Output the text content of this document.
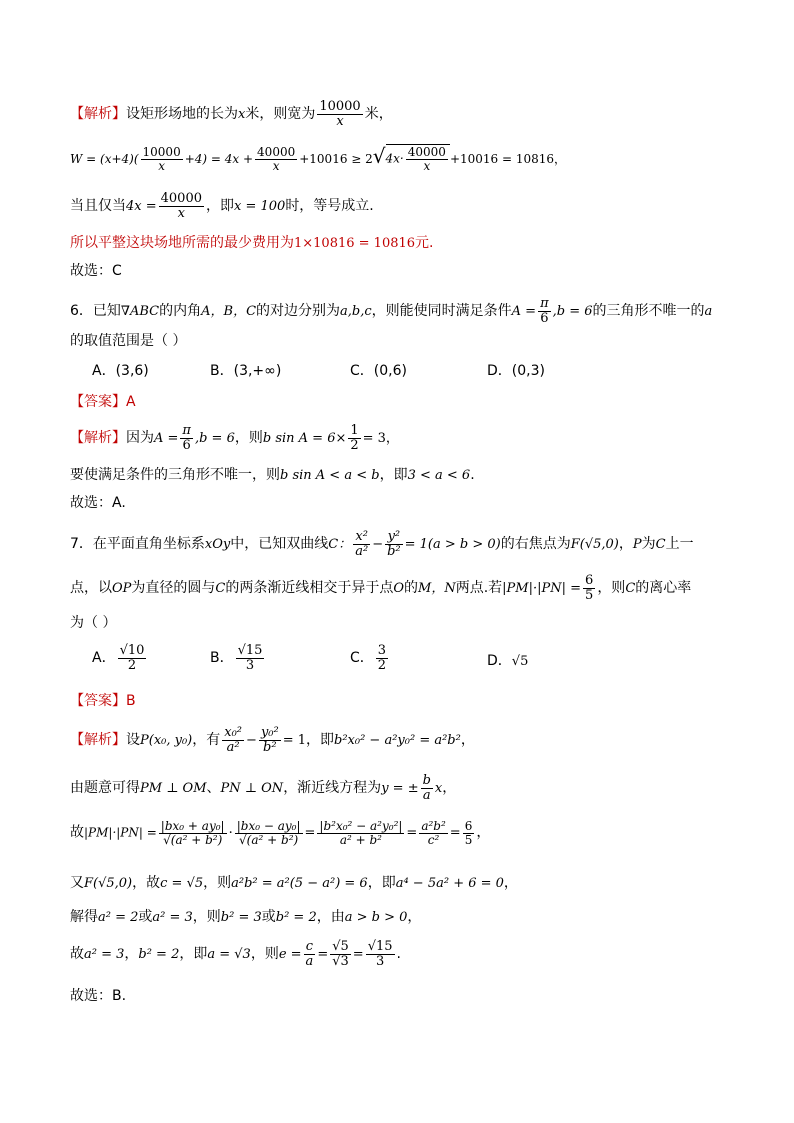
【解析】设矩形场地的长为x米，则宽为 $\frac{10000}{x}$ 米，
$W = (x+4)( \frac{10000}{x} +4) = 4x + \frac{40000}{x} +10016 \ge 2√4x\cdot \frac{40000}{x} +10016 = 10816$，
当且仅当$4x = \frac{40000}{x}$ ，即x = 100时，等号成立.
所以平整这块场地所需的最少费用为1×10816 = 10816元.
故选：C
6．已知∇ABC的内角A，B，C的对边分别为a,b,c，则能使同时满足条件$A = \frac{\pi}{6} ,b = 6$的三角形不唯一的a
的取值范围是（ ）
A．(3,6)	B．(3,+∞)	C．(0,6)	D．(0,3)
【答案】A
【解析】因为$A = \frac{\pi}{6} ,b = 6$，则b $\sin A = 6\times \frac{1}{2} = 3$，
要使满足条件的三角形不唯一，则b sin A < a < b，即3 < a < 6.
故选：A.
7．在平面直角坐标系xOy中，已知双曲线C： $\frac{\text{x²}}{\text{a²}} - \frac{\text{y²}}{\text{b²}} = 1(a > b > 0)$的右焦点为F(√5,0)，P为C上一
点，以OP为直径的圆与C的两条渐近线相交于异于点O的M，N两点.若$|PM|\cdot|PN| = \frac{6}{5}$ ，则C的离心率
为（ ）
A． $\frac{√10}{2}$	B． $\frac{√15}{3}$	C． $\frac{3}{2}$	D．√5
【答案】B
【解析】设P(x₀, y₀)，有 $\frac{\text{x₀²}}{\text{a²}} - \frac{\text{y₀²}}{\text{b²}} = 1$，即b²x₀² − a²y₀² = a²b²，
由题意可得PM ⊥ OM、PN ⊥ ON，渐近线方程为y = ± $\frac{b}{a}$ x，
故$|PM|\cdot|PN| = \frac{\text{|bx₀ + ay₀|}}{\text{√(a² + b²)}} \cdot \frac{\text{|bx₀ − ay₀|}}{\text{√(a² + b²)}} = \frac{\text{|b²x₀² − a²y₀²|}}{\text{a² + b²}} = \frac{\text{a²b²}}{\text{c²}} = \frac{6}{5}$ ，
又F(√5,0)，故c = √5，则a²b² = a²(5 − a²) = 6，即a⁴ − 5a² + 6 = 0，
解得a² = 2或a² = 3，则b² = 3或b² = 2，由a > b > 0，
故a² = 3，b² = 2，即a = √3，则$e = \frac{c}{a} = \frac{√5}{√3} = \frac{√15}{3}$ .
故选：B.
